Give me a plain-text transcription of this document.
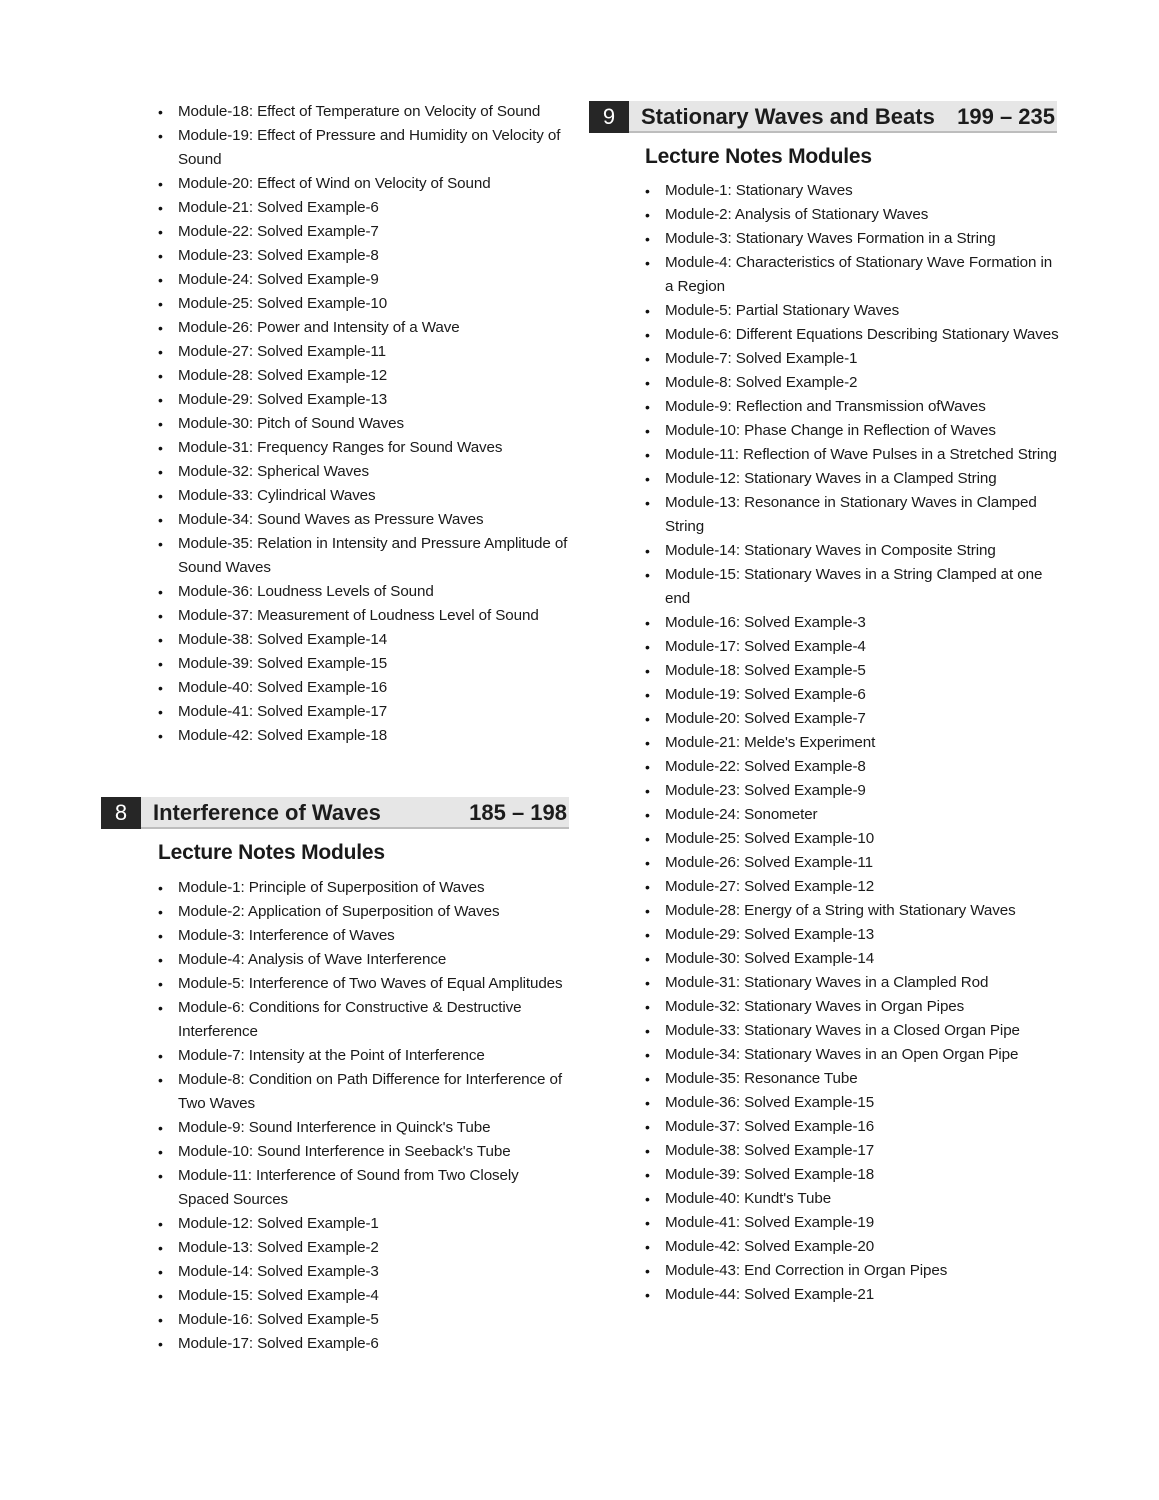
• Module-18: Effect of Temperature on Velocity of Sound
• Module-19: Effect of Pressure and Humidity on Velocity of Sound
• Module-20: Effect of Wind on Velocity of Sound
• Module-21: Solved Example-6
• Module-22: Solved Example-7
• Module-23: Solved Example-8
• Module-24: Solved Example-9
• Module-25: Solved Example-10
• Module-26: Power and Intensity of a Wave
• Module-27: Solved Example-11
• Module-28: Solved Example-12
• Module-29: Solved Example-13
• Module-30: Pitch of Sound Waves
• Module-31: Frequency Ranges for Sound Waves
• Module-32: Spherical Waves
• Module-33: Cylindrical Waves
• Module-34: Sound Waves as Pressure Waves
• Module-35: Relation in Intensity and Pressure Amplitude of Sound Waves
• Module-36: Loudness Levels of Sound
• Module-37: Measurement of Loudness Level of Sound
• Module-38: Solved Example-14
• Module-39: Solved Example-15
• Module-40: Solved Example-16
• Module-41: Solved Example-17
• Module-42: Solved Example-18
8	Interference of Waves	185 – 198
Lecture Notes Modules
• Module-1: Principle of Superposition of Waves
• Module-2: Application of Superposition of Waves
• Module-3: Interference of Waves
• Module-4: Analysis of Wave Interference
• Module-5: Interference of Two Waves of Equal Amplitudes
• Module-6: Conditions for Constructive & Destructive Interference
• Module-7: Intensity at the Point of Interference
• Module-8: Condition on Path Difference for Interference of Two Waves
• Module-9: Sound Interference in Quinck's Tube
• Module-10: Sound Interference in Seeback's Tube
• Module-11: Interference of Sound from Two Closely Spaced Sources
• Module-12: Solved Example-1
• Module-13: Solved Example-2
• Module-14: Solved Example-3
• Module-15: Solved Example-4
• Module-16: Solved Example-5
• Module-17: Solved Example-6
9	Stationary Waves and Beats 199 – 235
Lecture Notes Modules
• Module-1: Stationary Waves
• Module-2: Analysis of Stationary Waves
• Module-3: Stationary Waves Formation in a String
• Module-4: Characteristics of Stationary Wave Formation in a Region
• Module-5: Partial Stationary Waves
• Module-6: Different Equations Describing Stationary Waves
• Module-7: Solved Example-1
• Module-8: Solved Example-2
• Module-9: Reflection and Transmission ofWaves
• Module-10: Phase Change in Reflection of Waves
• Module-11: Reflection of Wave Pulses in a Stretched String
• Module-12: Stationary Waves in a Clamped String
• Module-13: Resonance in Stationary Waves in Clamped String
• Module-14: Stationary Waves in Composite String
• Module-15: Stationary Waves in a String Clamped at one end
• Module-16: Solved Example-3
• Module-17: Solved Example-4
• Module-18: Solved Example-5
• Module-19: Solved Example-6
• Module-20: Solved Example-7
• Module-21: Melde's Experiment
• Module-22: Solved Example-8
• Module-23: Solved Example-9
• Module-24: Sonometer
• Module-25: Solved Example-10
• Module-26: Solved Example-11
• Module-27: Solved Example-12
• Module-28: Energy of a String with Stationary Waves
• Module-29: Solved Example-13
• Module-30: Solved Example-14
• Module-31: Stationary Waves in a Clampled Rod
• Module-32: Stationary Waves in Organ Pipes
• Module-33: Stationary Waves in a Closed Organ Pipe
• Module-34: Stationary Waves in an Open Organ Pipe
• Module-35: Resonance Tube
• Module-36: Solved Example-15
• Module-37: Solved Example-16
• Module-38: Solved Example-17
• Module-39: Solved Example-18
• Module-40: Kundt's Tube
• Module-41: Solved Example-19
• Module-42: Solved Example-20
• Module-43: End Correction in Organ Pipes
• Module-44: Solved Example-21
